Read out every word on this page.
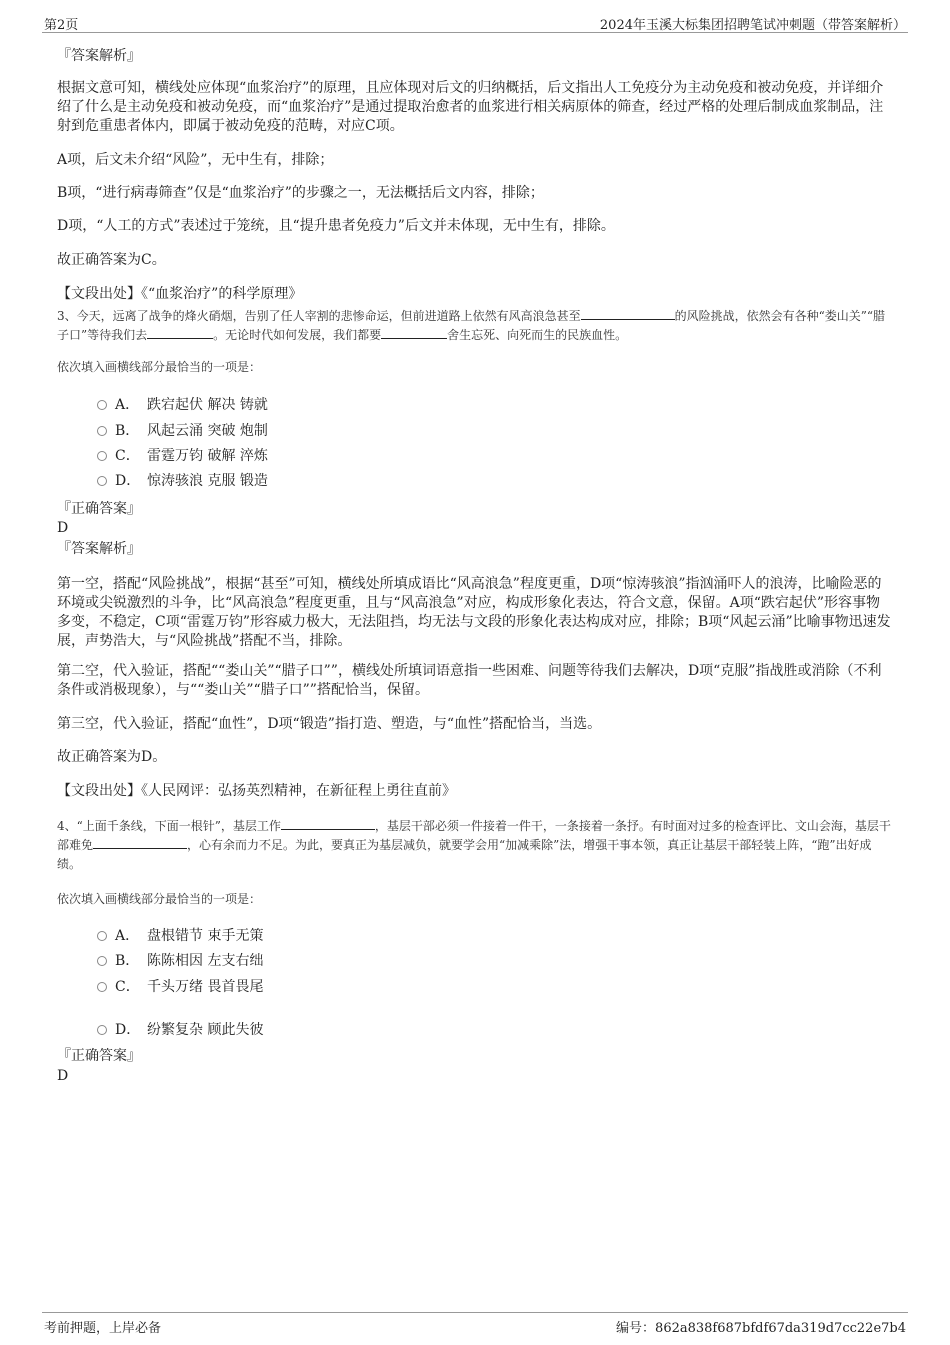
第2页	2024年玉溪大标集团招聘笔试冲刺题（带答案解析）
『答案解析』

根据文意可知，横线处应体现“血浆治疗”的原理，且应体现对后文的归纳概括，后文指出人工免疫分为主动免疫和被动免疫，并详细介绍了什么是主动免疫和被动免疫，而“血浆治疗”是通过提取治愈者的血浆进行相关病原体的筛查，经过严格的处理后制成血浆制品，注射到危重患者体内，即属于被动免疫的范畴，对应C项。

A项，后文未介绍“风险”，无中生有，排除；

B项，“进行病毒筛查”仅是“血浆治疗”的步骤之一，无法概括后文内容，排除；

D项，“人工的方式”表述过于笼统，且“提升患者免疫力”后文并未体现，无中生有，排除。

故正确答案为C。

【文段出处】《“血浆治疗”的科学原理》

3、今天，远离了战争的烽火硝烟，告别了任人宰割的悲惨命运，但前进道路上依然有风高浪急甚至	的风险挑战，依然会有各种“娄山关”“腊子口”等待我们去	。无论时代如何发展，我们都要	舍生忘死、向死而生的民族血性。

依次填入画横线部分最恰当的一项是：

A． 跌宕起伏 解决 铸就
B． 风起云涌 突破 炮制
C． 雷霆万钧 破解 淬炼
D． 惊涛骇浪 克服 锻造
『正确答案』
D
『答案解析』

第一空，搭配“风险挑战”，根据“甚至”可知，横线处所填成语比“风高浪急”程度更重，D项“惊涛骇浪”指汹涌吓人的浪涛，比喻险恶的环境或尖锐激烈的斗争，比“风高浪急”程度更重，且与“风高浪急”对应，构成形象化表达，符合文意，保留。A项“跌宕起伏”形容事物多变，不稳定，C项“雷霆万钧”形容威力极大，无法阻挡，均无法与文段的形象化表达构成对应，排除；B项“风起云涌”比喻事物迅速发展，声势浩大，与“风险挑战”搭配不当，排除。

第二空，代入验证，搭配““娄山关”“腊子口””，横线处所填词语意指一些困难、问题等待我们去解决，D项“克服”指战胜或消除（不利条件或消极现象），与““娄山关”“腊子口””搭配恰当，保留。

第三空，代入验证，搭配“血性”，D项“锻造”指打造、塑造，与“血性”搭配恰当，当选。

故正确答案为D。

【文段出处】《人民网评：弘扬英烈精神，在新征程上勇往直前》

4、“上面千条线，下面一根针”，基层工作	，基层干部必须一件接着一件干，一条接着一条抒。有时面对过多的检查评比、文山会海，基层干部难免	，心有余而力不足。为此，要真正为基层减负，就要学会用“加减乘除”法，增强干事本领，真正让基层干部轻装上阵，“跑”出好成绩。

依次填入画横线部分最恰当的一项是：

A． 盘根错节 束手无策
B． 陈陈相因 左支右绌
C． 千头万绪 畏首畏尾
D． 纷繁复杂 顾此失彼
『正确答案』
D
考前押题，上岸必备	编号：862a838f687bfdf67da319d7cc22e7b4
